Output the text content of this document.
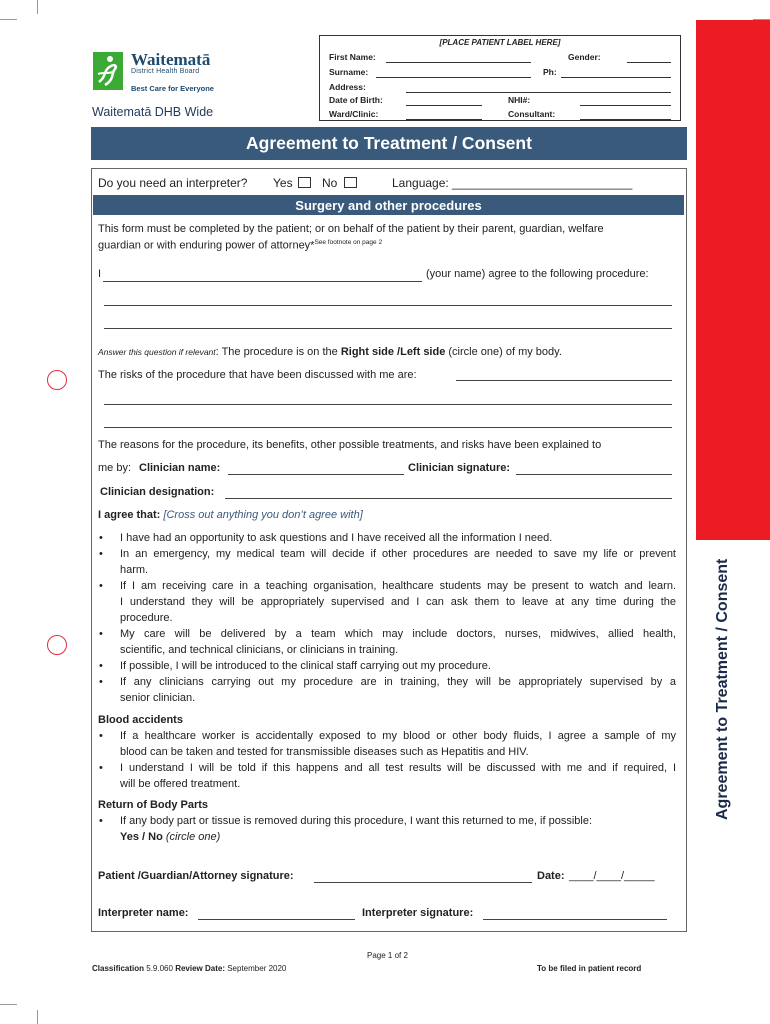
Agreement to Treatment / Consent
Waitematā
District Health Board
Best Care for Everyone
Waitematā DHB Wide
[PLACE PATIENT LABEL HERE]
First Name:	Gender:
Surname:	Ph:
Address:
Date of Birth:	NHI#:
Ward/Clinic:	Consultant:
Agreement to Treatment / Consent
Do you need an interpreter? Yes No	Language: ___________________________
Surgery and other procedures
This form must be completed by the patient; or on behalf of the patient by their parent, guardian, welfare
guardian or with enduring power of attorney*$^{See footnote on page 2}$
I	(your name) agree to the following procedure:
Answer this question if relevant: The procedure is on the Right side /Left side (circle one) of my body.
The risks of the procedure that have been discussed with me are:
The reasons for the procedure, its benefits, other possible treatments, and risks have been explained to
me by: Clinician name:	Clinician signature:
Clinician designation:
I agree that: [Cross out anything you don’t agree with]
• I have had an opportunity to ask questions and I have received all the information I need.
• In an emergency, my medical team will decide if other procedures are needed to save my life or prevent
harm.
• If I am receiving care in a teaching organisation, healthcare students may be present to watch and learn.
I understand they will be appropriately supervised and I can ask them to leave at any time during the
procedure.
• My care will be delivered by a team which may include doctors, nurses, midwives, allied health,
scientific, and technical clinicians, or clinicians in training.
• If possible, I will be introduced to the clinical staff carrying out my procedure.
• If any clinicians carrying out my procedure are in training, they will be appropriately supervised by a
senior clinician.
Blood accidents
• If a healthcare worker is accidentally exposed to my blood or other body fluids, I agree a sample of my
blood can be taken and tested for transmissible diseases such as Hepatitis and HIV.
• I understand I will be told if this happens and all test results will be discussed with me and if required, I
will be offered treatment.
Return of Body Parts
• If any body part or tissue is removed during this procedure, I want this returned to me, if possible:
Yes / No (circle one)
Patient /Guardian/Attorney signature:	Date: ____/____/_____
Interpreter name:	Interpreter signature:
Page 1 of 2
Classification 5.9.060 Review Date: September 2020	To be filed in patient record
